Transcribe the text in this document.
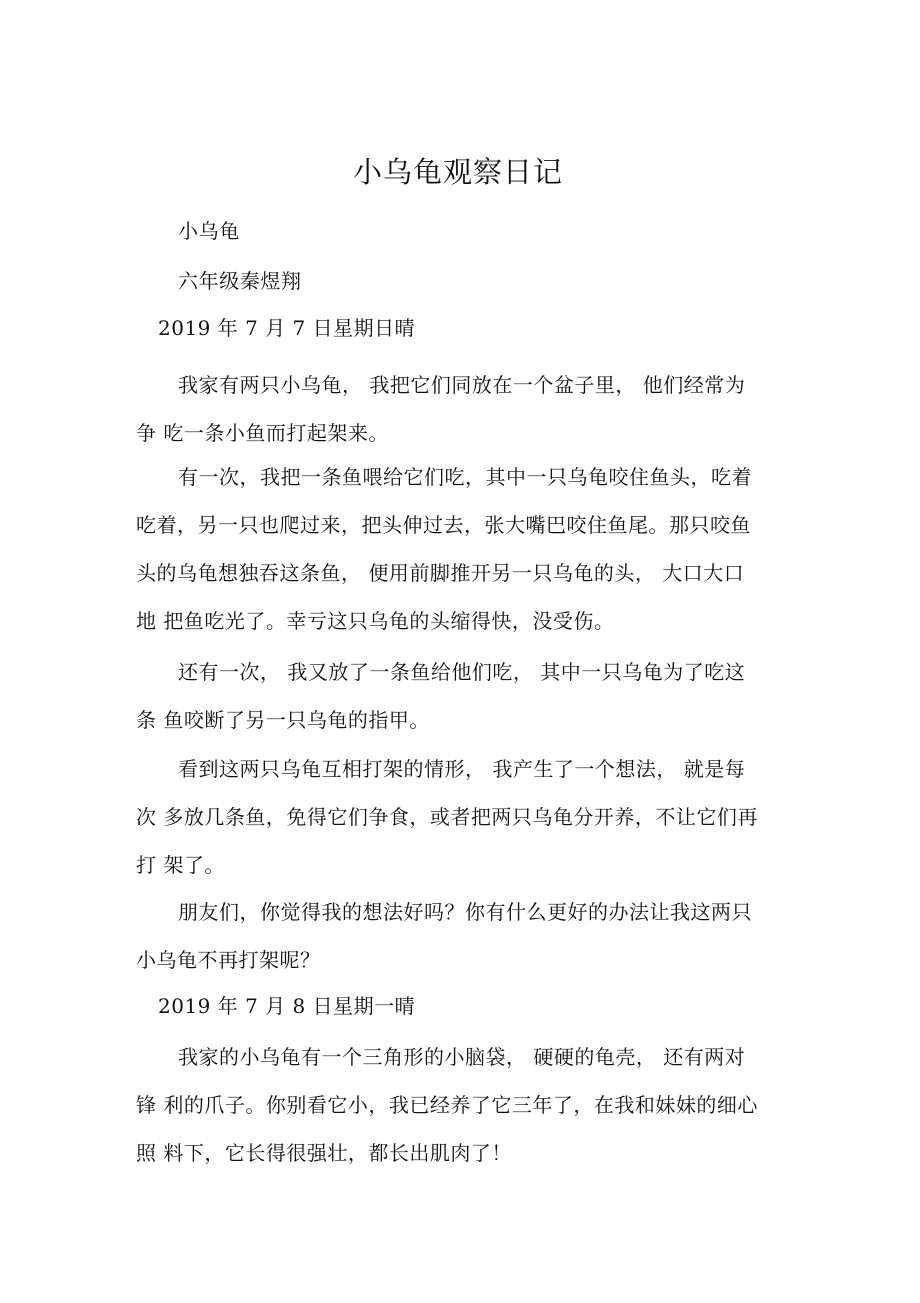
小乌龟观察日记

小乌龟

六年级秦煜翔

2019 年 7 月 7 日星期日晴

我家有两只小乌龟， 我把它们同放在一个盆子里， 他们经常为
争 吃一条小鱼而打起架来。
有一次，我把一条鱼喂给它们吃，其中一只乌龟咬住鱼头，吃着
吃着，另一只也爬过来，把头伸过去，张大嘴巴咬住鱼尾。那只咬鱼
头的乌龟想独吞这条鱼， 便用前脚推开另一只乌龟的头， 大口大口
地 把鱼吃光了。幸亏这只乌龟的头缩得快，没受伤。
还有一次， 我又放了一条鱼给他们吃， 其中一只乌龟为了吃这
条 鱼咬断了另一只乌龟的指甲。
看到这两只乌龟互相打架的情形， 我产生了一个想法， 就是每
次 多放几条鱼，免得它们争食，或者把两只乌龟分开养，不让它们再
打 架了。
朋友们，你觉得我的想法好吗？你有什么更好的办法让我这两只
小乌龟不再打架呢？

2019 年 7 月 8 日星期一晴

我家的小乌龟有一个三角形的小脑袋， 硬硬的龟壳， 还有两对
锋 利的爪子。你别看它小，我已经养了它三年了，在我和妹妹的细心
照 料下，它长得很强壮，都长出肌肉了！
